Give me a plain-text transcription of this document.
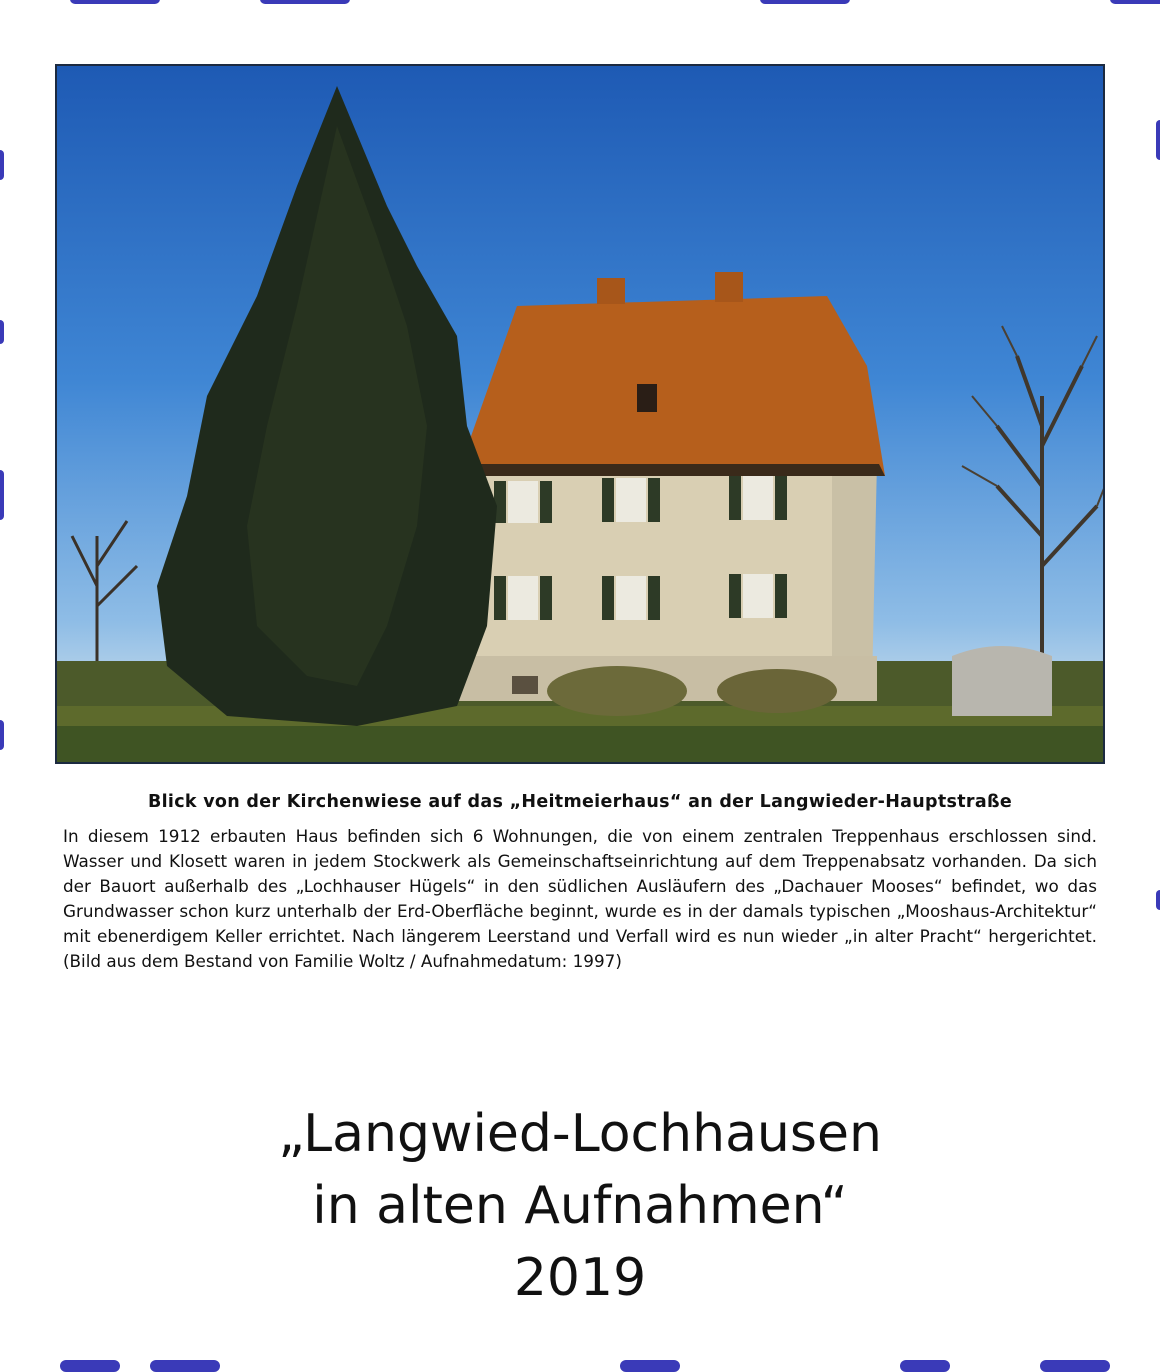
Blick von der Kirchenwiese auf das „Heitmeierhaus“ an der Langwieder-Hauptstraße
In diesem 1912 erbauten Haus befinden sich 6 Wohnungen, die von einem zentralen Treppenhaus erschlossen sind. Wasser und Klosett waren in jedem Stockwerk als Gemeinschaftseinrichtung auf dem Treppenabsatz vorhanden. Da sich der Bauort außerhalb des „Lochhauser Hügels“ in den südlichen Ausläufern des „Dachauer Mooses“ befindet, wo das Grundwasser schon kurz unterhalb der Erd-Oberfläche beginnt, wurde es in der damals typischen „Mooshaus-Architektur“ mit ebenerdigem Keller errichtet. Nach längerem Leerstand und Verfall wird es nun wieder „in alter Pracht“ hergerichtet. (Bild aus dem Bestand von Familie Woltz / Aufnahmedatum: 1997)
„Langwied-Lochhausen
in alten Aufnahmen“
2019
